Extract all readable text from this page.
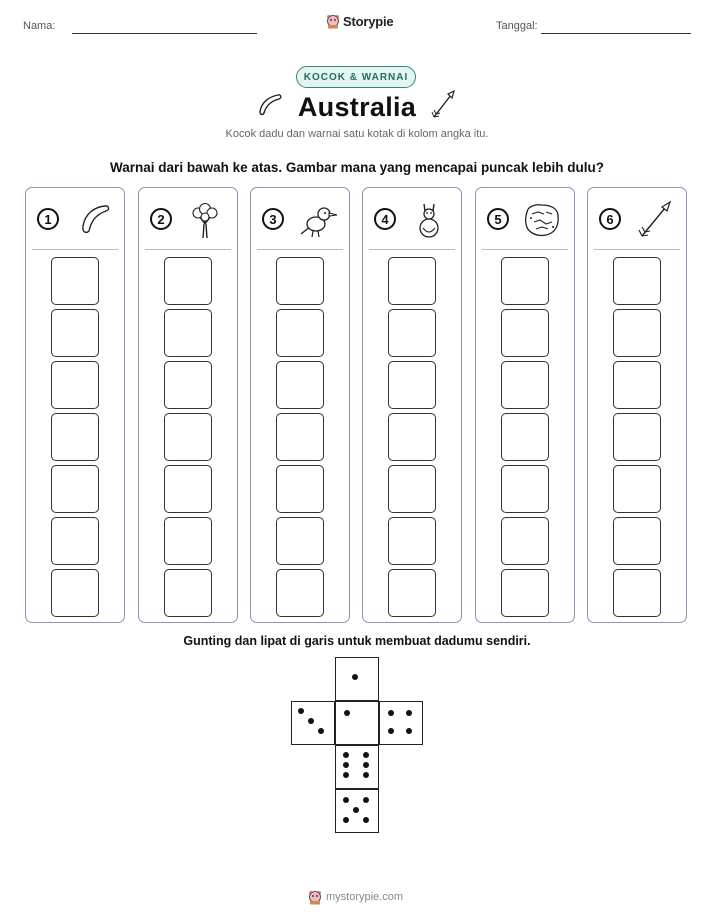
Nama:	Storypie	Tanggal:
KOCOK & WARNAI
Australia
Kocok dadu dan warnai satu kotak di kolom angka itu.
Warnai dari bawah ke atas. Gambar mana yang mencapai puncak lebih dulu?
1	2	3	4	5	6
Gunting dan lipat di garis untuk membuat dadumu sendiri.
mystorypie.com
